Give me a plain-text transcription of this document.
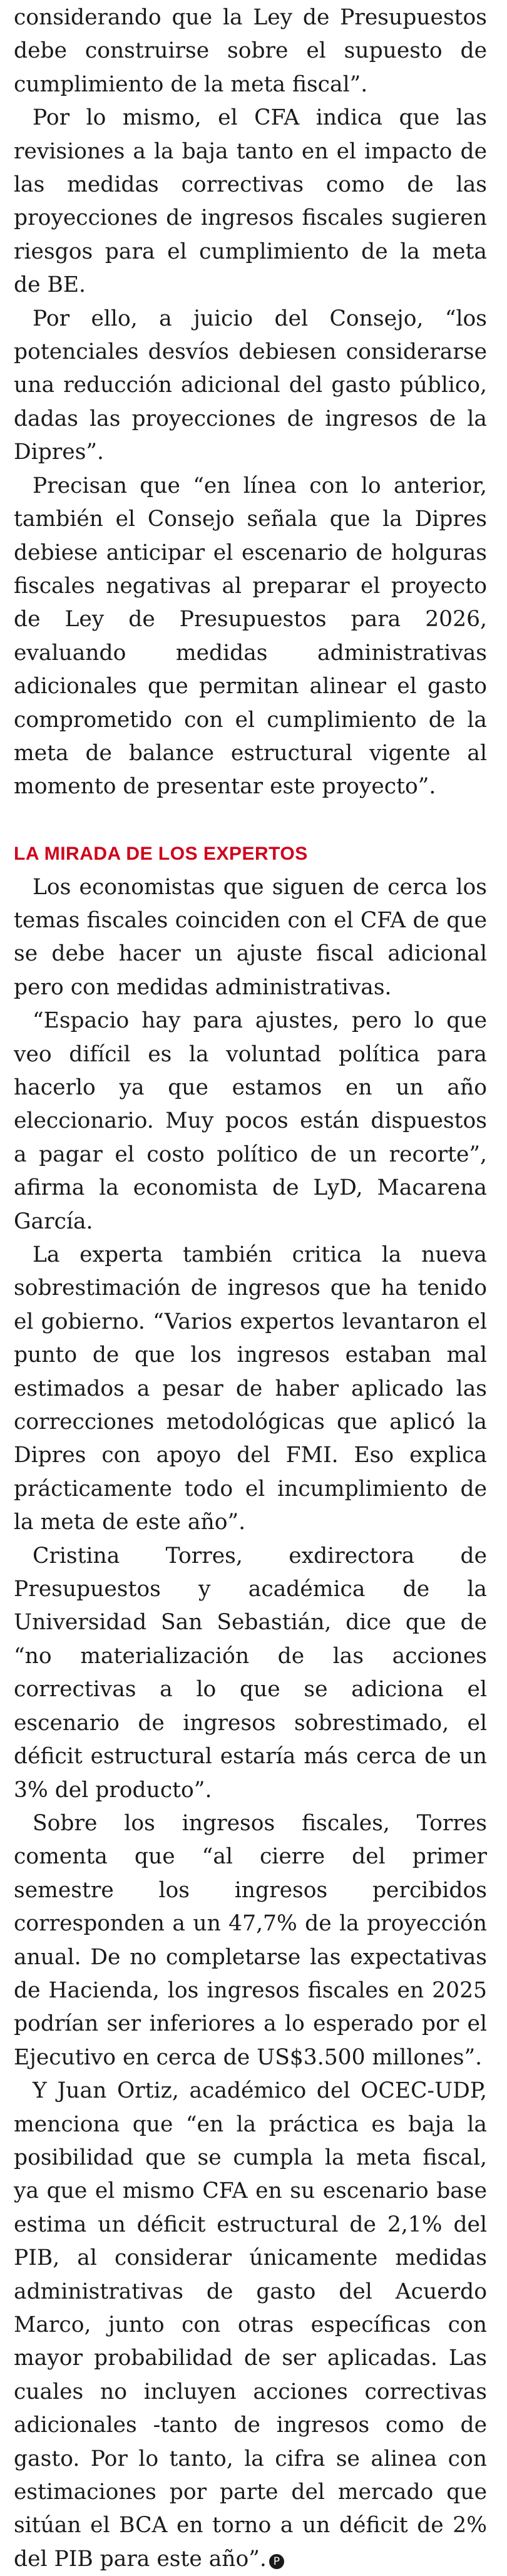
considerando que la Ley de Presupuestos debe construirse sobre el supuesto de cumplimiento de la meta fiscal”.

Por lo mismo, el CFA indica que las revisiones a la baja tanto en el impacto de las medidas correctivas como de las proyecciones de ingresos fiscales sugieren riesgos para el cumplimiento de la meta de BE.

Por ello, a juicio del Consejo, “los potenciales desvíos debiesen considerarse una reducción adicional del gasto público, dadas las proyecciones de ingresos de la Dipres”.

Precisan que “en línea con lo anterior, también el Consejo señala que la Dipres debiese anticipar el escenario de holguras fiscales negativas al preparar el proyecto de Ley de Presupuestos para 2026, evaluando medidas administrativas adicionales que permitan alinear el gasto comprometido con el cumplimiento de la meta de balance estructural vigente al momento de presentar este proyecto”.

LA MIRADA DE LOS EXPERTOS

Los economistas que siguen de cerca los temas fiscales coinciden con el CFA de que se debe hacer un ajuste fiscal adicional pero con medidas administrativas.

“Espacio hay para ajustes, pero lo que veo difícil es la voluntad política para hacerlo ya que estamos en un año eleccionario. Muy pocos están dispuestos a pagar el costo político de un recorte”, afirma la economista de LyD, Macarena García.

La experta también critica la nueva sobrestimación de ingresos que ha tenido el gobierno. “Varios expertos levantaron el punto de que los ingresos estaban mal estimados a pesar de haber aplicado las correcciones metodológicas que aplicó la Dipres con apoyo del FMI. Eso explica prácticamente todo el incumplimiento de la meta de este año”.

Cristina Torres, exdirectora de Presupuestos y académica de la Universidad San Sebastián, dice que de “no materialización de las acciones correctivas a lo que se adiciona el escenario de ingresos sobrestimado, el déficit estructural estaría más cerca de un 3% del producto”.

Sobre los ingresos fiscales, Torres comenta que “al cierre del primer semestre los ingresos percibidos corresponden a un 47,7% de la proyección anual. De no completarse las expectativas de Hacienda, los ingresos fiscales en 2025 podrían ser inferiores a lo esperado por el Ejecutivo en cerca de US$3.500 millones”.

Y Juan Ortiz, académico del OCEC-UDP, menciona que “en la práctica es baja la posibilidad que se cumpla la meta fiscal, ya que el mismo CFA en su escenario base estima un déficit estructural de 2,1% del PIB, al considerar únicamente medidas administrativas de gasto del Acuerdo Marco, junto con otras específicas con mayor probabilidad de ser aplicadas. Las cuales no incluyen acciones correctivas adicionales -tanto de ingresos como de gasto. Por lo tanto, la cifra se alinea con estimaciones por parte del mercado que sitúan el BCA en torno a un déficit de 2% del PIB para este año”. P
